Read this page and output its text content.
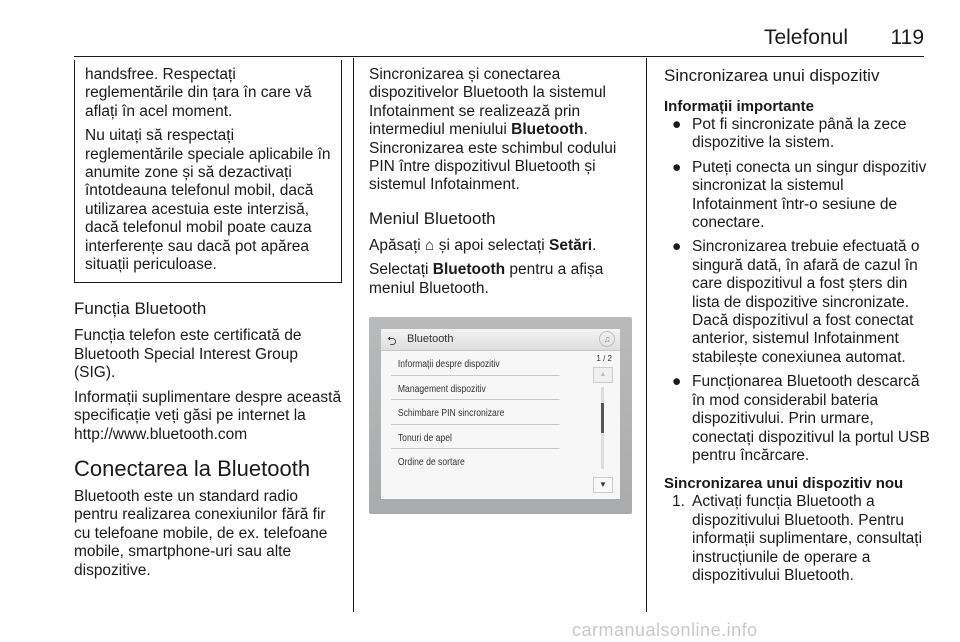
Telefonul 119

handsfree. Respectați reglementările din țara în care vă aflați în acel moment.

Nu uitați să respectați reglementările speciale aplicabile în anumite zone și să dezactivați întotdeauna telefonul mobil, dacă utilizarea acestuia este interzisă, dacă telefonul mobil poate cauza interferențe sau dacă pot apărea situații periculoase.

Funcția Bluetooth

Funcția telefon este certificată de Bluetooth Special Interest Group (SIG).

Informații suplimentare despre această specificație veți găsi pe internet la http://www.bluetooth.com

Conectarea la Bluetooth

Bluetooth este un standard radio pentru realizarea conexiunilor fără fir cu telefoane mobile, de ex. telefoane mobile, smartphone-uri sau alte dispozitive.

Sincronizarea și conectarea dispozitivelor Bluetooth la sistemul Infotainment se realizează prin intermediul meniului Bluetooth. Sincronizarea este schimbul codului PIN între dispozitivul Bluetooth și sistemul Infotainment.

Meniul Bluetooth

Apăsați ⌂ și apoi selectați Setări.

Selectați Bluetooth pentru a afișa meniul Bluetooth.

⮌ Bluetooth	♫
Informații despre dispozitiv
Management dispozitiv
Schimbare PIN sincronizare
Tonuri de apel
Ordine de sortare
1 / 2
▲
▼
Sincronizarea unui dispozitiv
Informații importante
● Pot fi sincronizate până la zece dispozitive la sistem.
● Puteți conecta un singur dispozitiv sincronizat la sistemul Infotainment într-o sesiune de conectare.
● Sincronizarea trebuie efectuată o singură dată, în afară de cazul în care dispozitivul a fost șters din lista de dispozitive sincronizate. Dacă dispozitivul a fost conectat anterior, sistemul Infotainment stabilește conexiunea automat.
● Funcționarea Bluetooth descarcă în mod considerabil bateria dispozitivului. Prin urmare, conectați dispozitivul la portul USB pentru încărcare.
Sincronizarea unui dispozitiv nou
1. Activați funcția Bluetooth a dispozitivului Bluetooth. Pentru informații suplimentare, consultați instrucțiunile de operare a dispozitivului Bluetooth.
carmanualsonline.info
